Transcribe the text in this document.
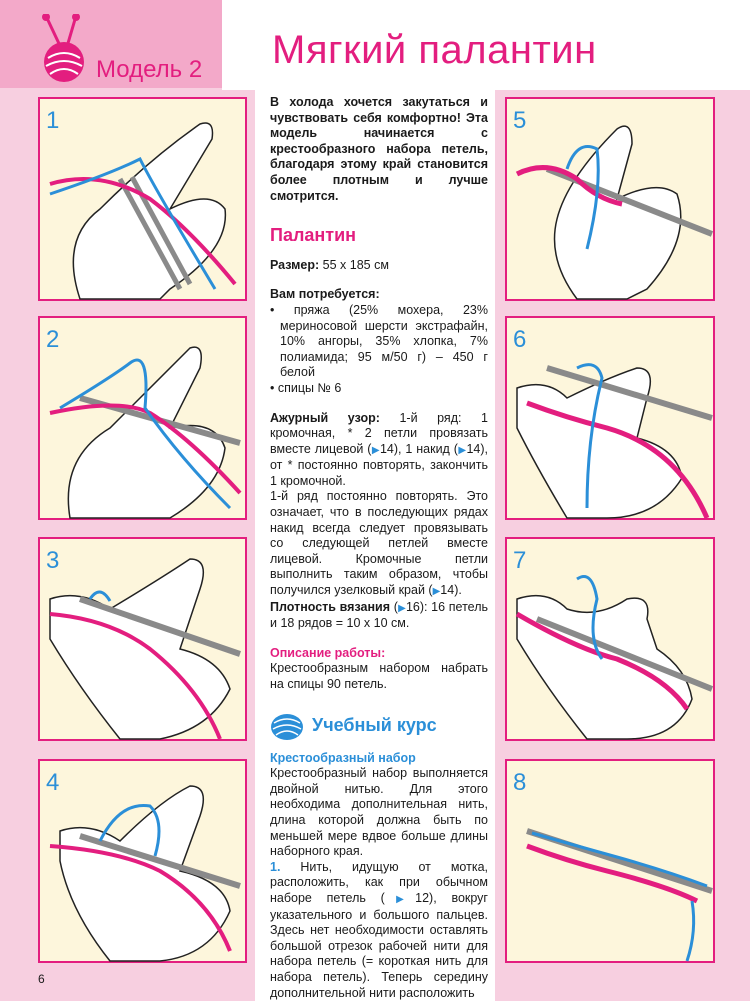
Модель 2 Мягкий палантин
1
2
3
4
5
6
7
8
В холода хочется закутаться и чувствовать себя комфортно! Эта модель начинается с крестообразного набора петель, благодаря этому край становится более плотным и лучше смотрится.
Палантин
Размер: 55 х 185 см
Вам потребуется:
• пряжа (25% мохера, 23% мериносовой шерсти экстрафайн, 10% ангоры, 35% хлопка, 7% полиамида; 95 м/50 г) – 450 г белой
• спицы № 6
Ажурный узор: 1-й ряд: 1 кромочная, * 2 петли провязать вместе лицевой (▶14), 1 накид (▶14), от * постоянно повторять, закончить 1 кромочной.
1-й ряд постоянно повторять. Это означает, что в последующих рядах накид всегда следует провязывать со следующей петлей вместе лицевой. Кромочные петли выполнить таким образом, чтобы получился узелковый край (▶14).
Плотность вязания (▶16): 16 петель и 18 рядов = 10 х 10 см.
Описание работы:
Крестообразным набором набрать на спицы 90 петель.
Учебный курс
Крестообразный набор
Крестообразный набор выполняется двойной нитью. Для этого необходима дополнительная нить, длина которой должна быть по меньшей мере вдвое больше длины наборного края.
1. Нить, идущую от мотка, расположить, как при обычном наборе петель (▶12), вокруг указательного и большого пальцев. Здесь нет необходимости оставлять большой отрезок рабочей нити для набора петель (= короткая нить для набора петель). Теперь середину дополнительной нити расположить
6
